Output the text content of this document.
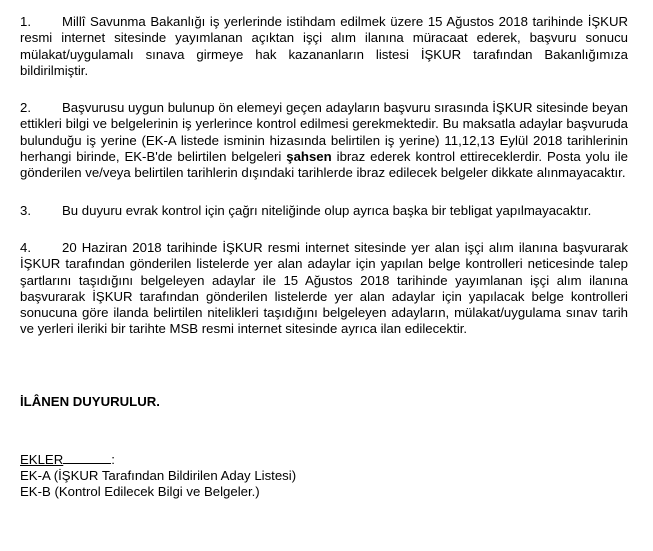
1. Millî Savunma Bakanlığı iş yerlerinde istihdam edilmek üzere 15 Ağustos 2018 tarihinde İŞKUR resmi internet sitesinde yayımlanan açıktan işçi alım ilanına müracaat ederek, başvuru sonucu mülakat/uygulamalı sınava girmeye hak kazananların listesi İŞKUR tarafından Bakanlığımıza bildirilmiştir.

2. Başvurusu uygun bulunup ön elemeyi geçen adayların başvuru sırasında İŞKUR sitesinde beyan ettikleri bilgi ve belgelerinin iş yerlerince kontrol edilmesi gerekmektedir. Bu maksatla adaylar başvuruda bulunduğu iş yerine (EK-A listede isminin hizasında belirtilen iş yerine) 11,12,13 Eylül 2018 tarihlerinin herhangi birinde, EK-B'de belirtilen belgeleri şahsen ibraz ederek kontrol ettireceklerdir. Posta yolu ile gönderilen ve/veya belirtilen tarihlerin dışındaki tarihlerde ibraz edilecek belgeler dikkate alınmayacaktır.

3. Bu duyuru evrak kontrol için çağrı niteliğinde olup ayrıca başka bir tebligat yapılmayacaktır.

4. 20 Haziran 2018 tarihinde İŞKUR resmi internet sitesinde yer alan işçi alım ilanına başvurarak İŞKUR tarafından gönderilen listelerde yer alan adaylar için yapılan belge kontrolleri neticesinde talep şartlarını taşıdığını belgeleyen adaylar ile 15 Ağustos 2018 tarihinde yayımlanan işçi alım ilanına başvurarak İŞKUR tarafından gönderilen listelerde yer alan adaylar için yapılacak belge kontrolleri sonucuna göre ilanda belirtilen nitelikleri taşıdığını belgeleyen adayların, mülakat/uygulama sınav tarih ve yerleri ileriki bir tarihte MSB resmi internet sitesinde ayrıca ilan edilecektir.

İLÂNEN DUYURULUR.

EKLER	:

EK-A (İŞKUR Tarafından Bildirilen Aday Listesi)

EK-B (Kontrol Edilecek Bilgi ve Belgeler.)
